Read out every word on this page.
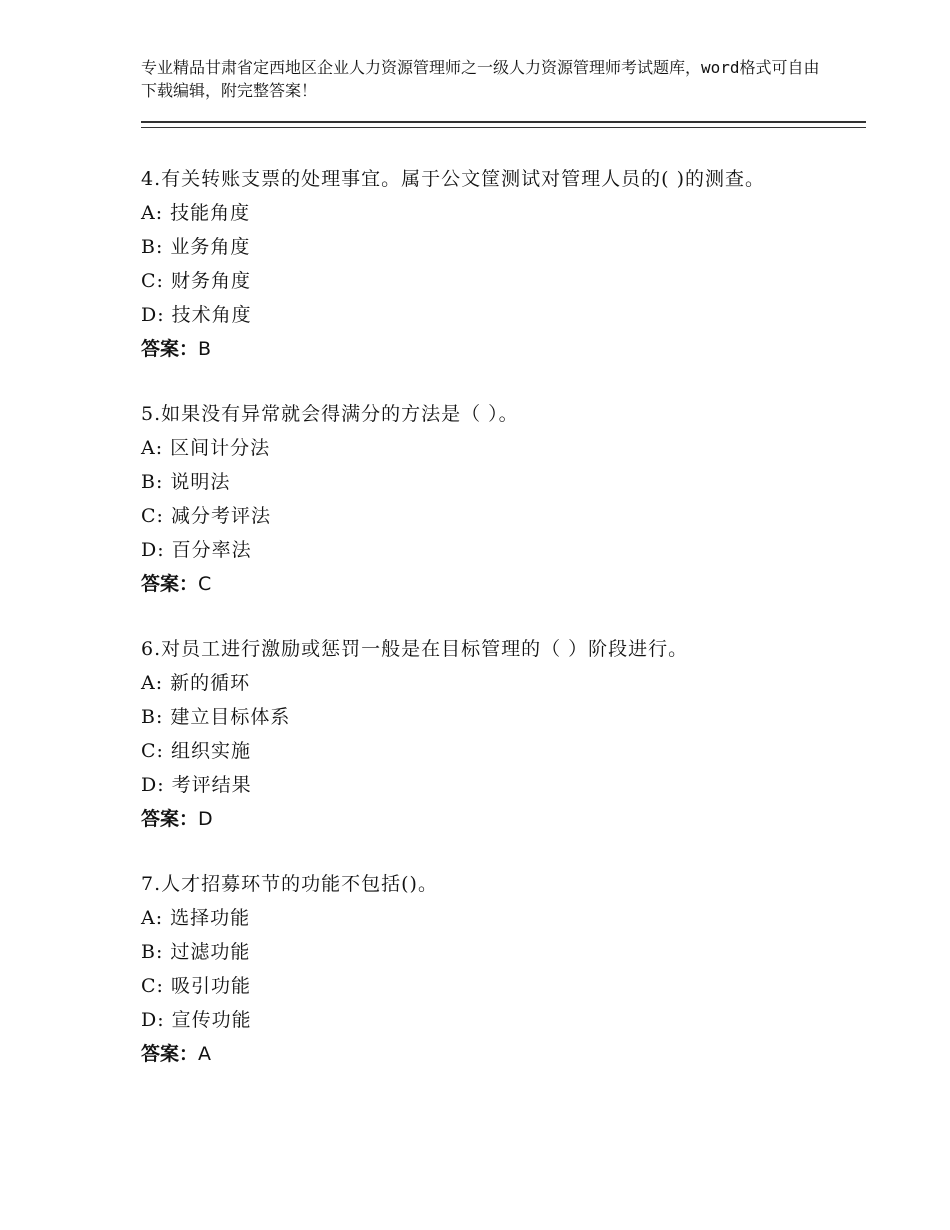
专业精品甘肃省定西地区企业人力资源管理师之一级人力资源管理师考试题库，word格式可自由下载编辑，附完整答案！
4.有关转账支票的处理事宜。属于公文筐测试对管理人员的( )的测查。
A: 技能角度
B: 业务角度
C: 财务角度
D: 技术角度
答案：B
5.如果没有异常就会得满分的方法是（ ）。
A: 区间计分法
B: 说明法
C: 减分考评法
D: 百分率法
答案：C
6.对员工进行激励或惩罚一般是在目标管理的（ ）阶段进行。
A: 新的循环
B: 建立目标体系
C: 组织实施
D: 考评结果
答案：D
7.人才招募环节的功能不包括()。
A: 选择功能
B: 过滤功能
C: 吸引功能
D: 宣传功能
答案：A
